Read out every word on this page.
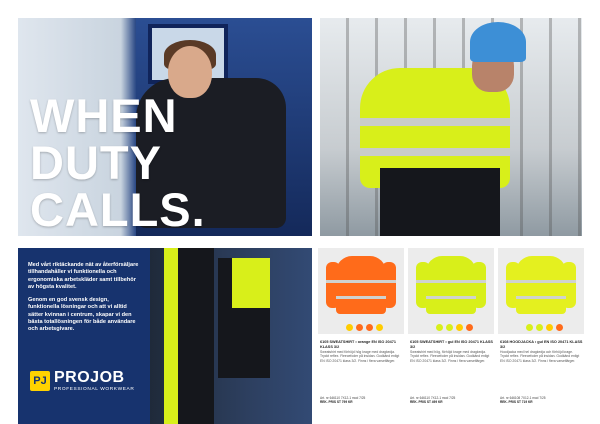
WHEN
DUTY
CALLS.

Med vårt riktäckande nät av återförsäljare tillhandahåller vi funktionella och ergonomiska arbetskläder samt tillbehör av högsta kvalitet.

Genom en god svensk design, funktionella lösningar och att vi alltid sätter kvinnan i centrum, skapar vi den bästa totallösningen för både användare och arbetsgivare.

PJ PROJOB
PROFESSIONAL WORKWEAR
6105 SWEATSHIRT • orange EN ISO 20471 KLASS 3/2
Sweatshirt med förhöjd hög krage med dragkedja. Tryckt reflex. Fleecefoder på insidan. Godkänd enligt EN ISO 20471 klass 3/2. Finns i flera varselfärger.
Art. nr 646110 7X12-1 mod 7/25
REK. PRIS ST 799 KR
6105 SWEATSHIRT • gul EN ISO 20471 KLASS 3/2
Sweatshirt med hög, förhöjd krage med dragkedja. Tryckt reflex. Fleecefoder på insidan. Godkänd enligt EN ISO 20471 klass 3/2. Finns i flera varselfärger.
Art. nr 646110 7X12-1 mod 7/25
REK. PRIS ST 499 KR
6108 HOODJACKA • gul EN ISO 20471 KLASS 3/2
Hoodjacka med hel dragkedja och förhöjd krage. Tryckt reflex. Fleecefoder på insidan. Godkänd enligt EN ISO 20471 klass 3/2. Finns i flera varselfärger.
Art. nr 646108 7X12-1 mod 7/25
REK. PRIS ST 719 KR
